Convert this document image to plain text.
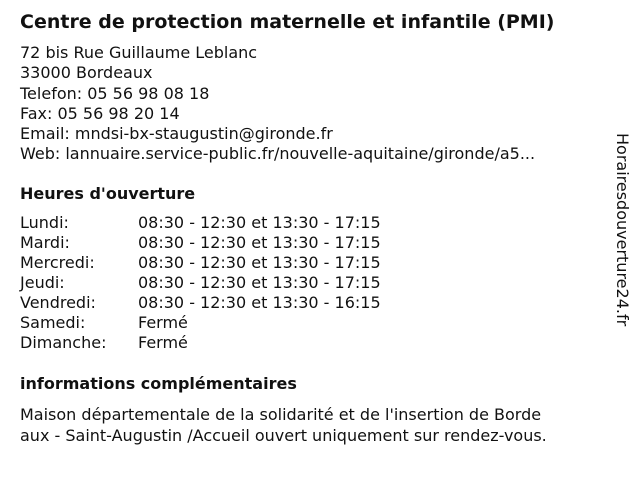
Centre de protection maternelle et infantile (PMI)
72 bis Rue Guillaume Leblanc
33000 Bordeaux
Telefon: 05 56 98 08 18
Fax: 05 56 98 20 14
Email: mndsi-bx-staugustin@gironde.fr
Web: lannuaire.service-public.fr/nouvelle-aquitaine/gironde/a5...
Heures d'ouverture
Lundi:	08:30 - 12:30 et 13:30 - 17:15
Mardi:	08:30 - 12:30 et 13:30 - 17:15
Mercredi:	08:30 - 12:30 et 13:30 - 17:15
Jeudi:	08:30 - 12:30 et 13:30 - 17:15
Vendredi:	08:30 - 12:30 et 13:30 - 16:15
Samedi:	Fermé
Dimanche:	Fermé
informations complémentaires
Maison départementale de la solidarité et de l'insertion de Borde
aux - Saint-Augustin /Accueil ouvert uniquement sur rendez-vous.
Horairesdouverture24.fr
